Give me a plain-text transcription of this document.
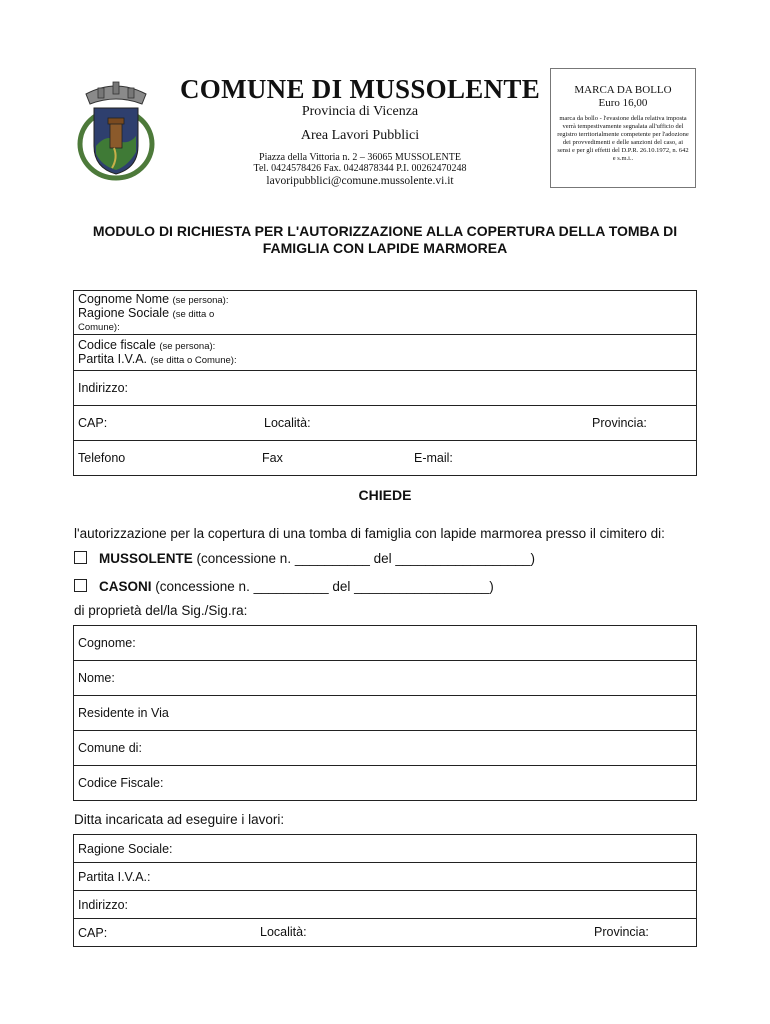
COMUNE DI MUSSOLENTE
Provincia di Vicenza
Area Lavori Pubblici
Piazza della Vittoria n. 2 – 36065 MUSSOLENTE
Tel. 0424578426 Fax. 0424878344 P.I. 00262470248
lavoripubblici@comune.mussolente.vi.it
MARCA DA BOLLO
Euro 16,00
marca da bollo - l'evasione della relativa imposta verrà tempestivamente segnalata all'ufficio del registro territorialmente competente per l'adozione dei provvedimenti e delle sanzioni del caso, ai sensi e per gli effetti del D.P.R. 26.10.1972, n. 642 e s.m.i..
MODULO DI RICHIESTA PER L'AUTORIZZAZIONE ALLA COPERTURA DELLA TOMBA DI
FAMIGLIA CON LAPIDE MARMOREA
Cognome Nome (se persona):
Ragione Sociale (se ditta o
Comune):

Codice fiscale (se persona):
Partita I.V.A. (se ditta o Comune):

Indirizzo:
CAP:	Località:	Provincia:

Telefono	Fax	E-mail:
CHIEDE
l'autorizzazione per la copertura di una tomba di famiglia con lapide marmorea presso il cimitero di:
MUSSOLENTE (concessione n. __________ del __________________)
CASONI (concessione n. __________ del __________________)
di proprietà del/la Sig./Sig.ra:
Cognome:
Nome:
Residente in Via
Comune di:
Codice Fiscale:
Ditta incaricata ad eseguire i lavori:
Ragione Sociale:
Partita I.V.A.:
Indirizzo:
CAP:	Località:	Provincia:
